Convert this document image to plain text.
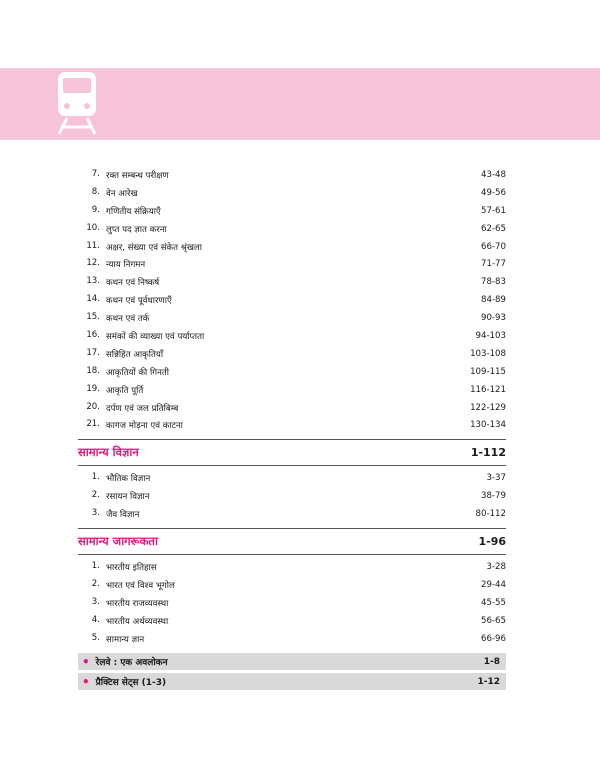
7. रक्त सम्बन्ध परीक्षण	43-48
8. वेन आरेख	49-56
9. गणितीय संक्रियाएँ	57-61
10. लुप्त पद ज्ञात करना	62-65
11. अक्षर, संख्या एवं संकेत श्रृंखला	66-70
12. न्याय निगमन	71-77
13. कथन एवं निष्कर्ष	78-83
14. कथन एवं पूर्वधारणाएँ	84-89
15. कथन एवं तर्क	90-93
16. समंकों की व्याख्या एवं पर्याप्तता	94-103
17. सन्निहित आकृतियाँ	103-108
18. आकृतियों की गिनती	109-115
19. आकृति पूर्ति	116-121
20. दर्पण एवं जल प्रतिबिम्ब	122-129
21. कागज मोड़ना एवं काटना	130-134
सामान्य विज्ञान	1-112
1. भौतिक विज्ञान	3-37
2. रसायन विज्ञान	38-79
3. जैव विज्ञान	80-112
सामान्य जागरूकता	1-96
1. भारतीय इतिहास	3-28
2. भारत एवं विश्व भूगोल	29-44
3. भारतीय राजव्यवस्था	45-55
4. भारतीय अर्थव्यवस्था	56-65
5. सामान्य ज्ञान	66-96
• रेलवे : एक अवलोकन	1-8
• प्रैक्टिस सेट्स (1-3)	1-12
